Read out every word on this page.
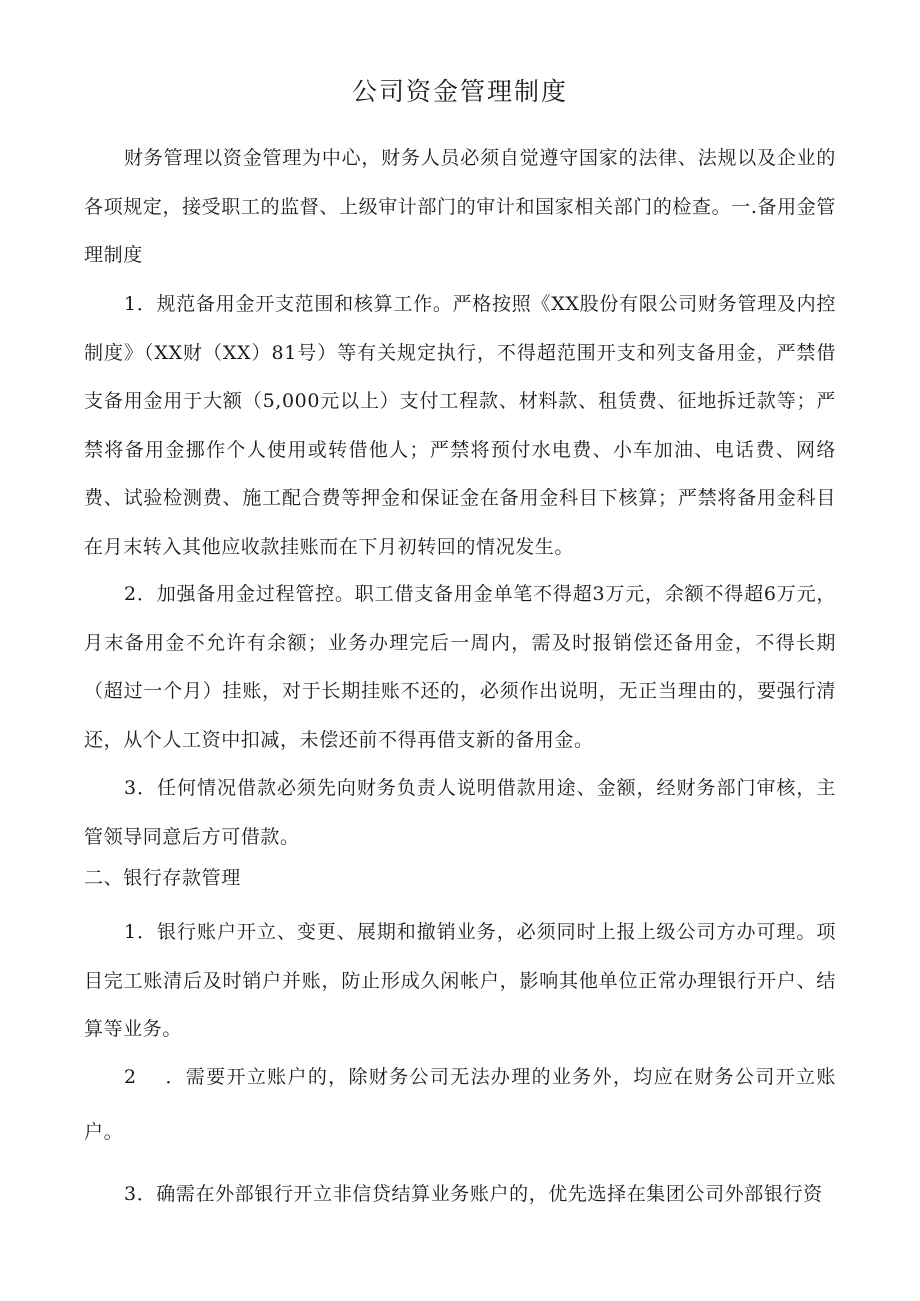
公司资金管理制度

财务管理以资金管理为中心，财务人员必须自觉遵守国家的法律、法规以及企业的各项规定，接受职工的监督、上级审计部门的审计和国家相关部门的检查。一.备用金管理制度

1．规范备用金开支范围和核算工作。严格按照《XX股份有限公司财务管理及内控制度》（XX财（XX）81号）等有关规定执行，不得超范围开支和列支备用金，严禁借支备用金用于大额（5,000元以上）支付工程款、材料款、租赁费、征地拆迁款等；严禁将备用金挪作个人使用或转借他人；严禁将预付水电费、小车加油、电话费、网络费、试验检测费、施工配合费等押金和保证金在备用金科目下核算；严禁将备用金科目在月末转入其他应收款挂账而在下月初转回的情况发生。

2．加强备用金过程管控。职工借支备用金单笔不得超3万元，余额不得超6万元，月末备用金不允许有余额；业务办理完后一周内，需及时报销偿还备用金，不得长期（超过一个月）挂账，对于长期挂账不还的，必须作出说明，无正当理由的，要强行清还，从个人工资中扣减，未偿还前不得再借支新的备用金。

3．任何情况借款必须先向财务负责人说明借款用途、金额，经财务部门审核，主管领导同意后方可借款。

二、银行存款管理

1．银行账户开立、变更、展期和撤销业务，必须同时上报上级公司方办可理。项目完工账清后及时销户并账，防止形成久闲帐户，影响其他单位正常办理银行开户、结算等业务。

2 ．需要开立账户的，除财务公司无法办理的业务外，均应在财务公司开立账户。

3．确需在外部银行开立非信贷结算业务账户的，优先选择在集团公司外部银行资
